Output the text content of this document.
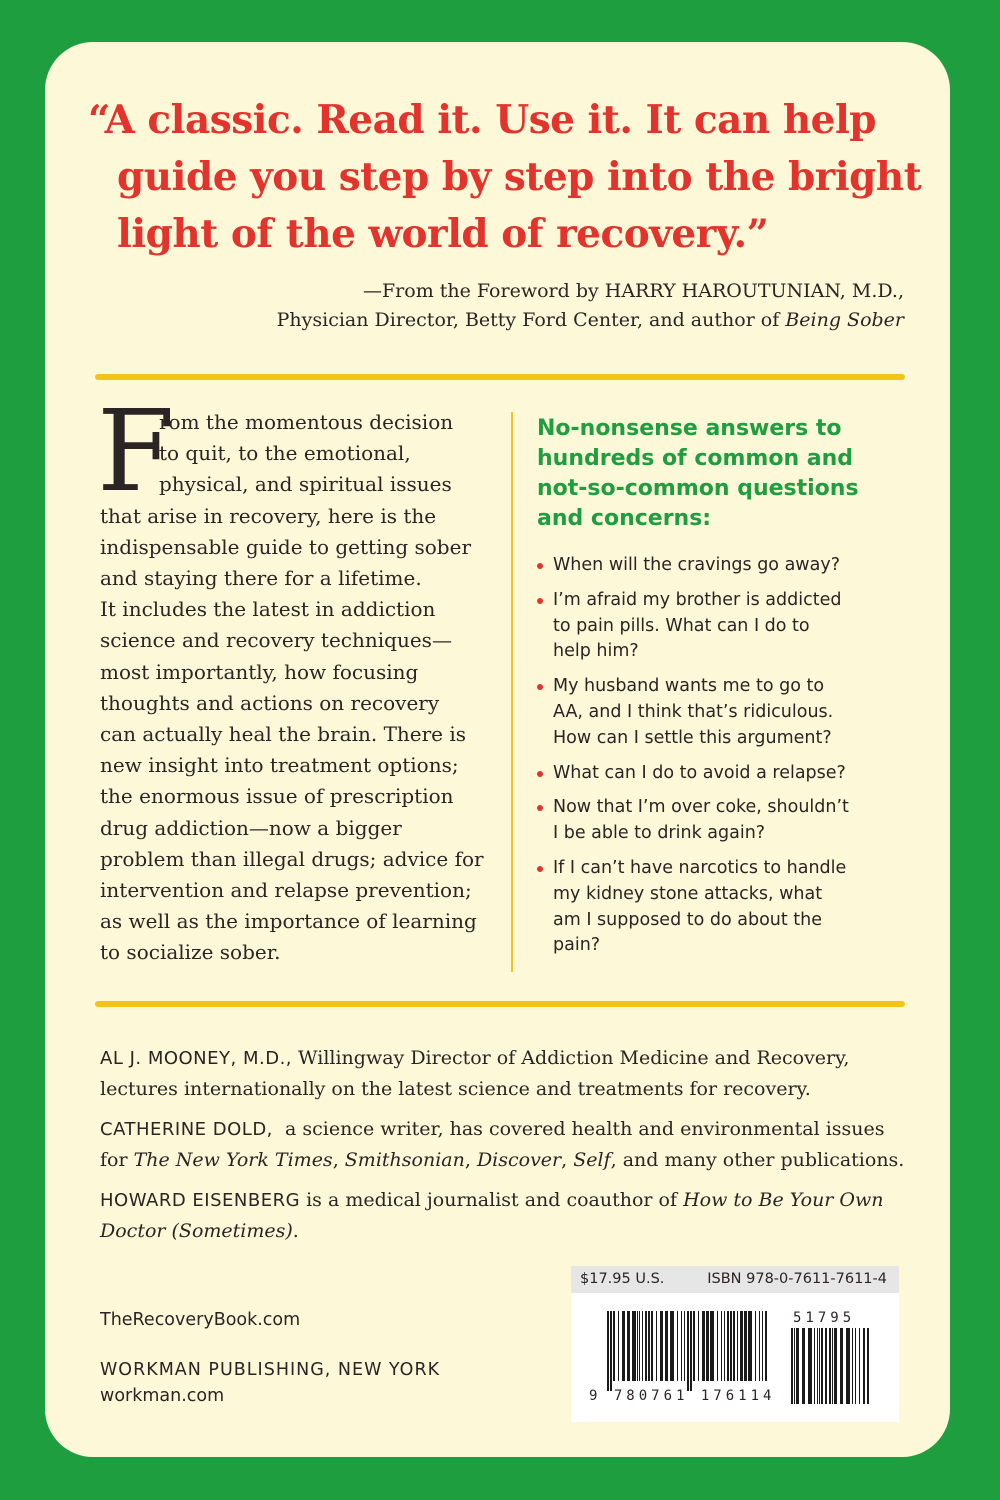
“A classic. Read it. Use it. It can help
guide you step by step into the bright
light of the world of recovery.”
—From the Foreword by HARRY HAROUTUNIAN, M.D.,
Physician Director, Betty Ford Center, and author of Being Sober
F
rom the momentous decision
to quit, to the emotional,
physical, and spiritual issues
that arise in recovery, here is the
indispensable guide to getting sober
and staying there for a lifetime.
It includes the latest in addiction
science and recovery techniques—
most importantly, how focusing
thoughts and actions on recovery
can actually heal the brain. There is
new insight into treatment options;
the enormous issue of prescription
drug addiction—now a bigger
problem than illegal drugs; advice for
intervention and relapse prevention;
as well as the importance of learning
to socialize sober.
No-nonsense answers to
hundreds of common and
not-so-common questions
and concerns:
When will the cravings go away?
I’m afraid my brother is addicted
to pain pills. What can I do to
help him?
My husband wants me to go to
AA, and I think that’s ridiculous.
How can I settle this argument?
What can I do to avoid a relapse?
Now that I’m over coke, shouldn’t
I be able to drink again?
If I can’t have narcotics to handle
my kidney stone attacks, what
am I supposed to do about the
pain?
AL J. MOONEY, M.D., Willingway Director of Addiction Medicine and Recovery,
lectures internationally on the latest science and treatments for recovery.
CATHERINE DOLD,  a science writer, has covered health and environmental issues
for The New York Times, Smithsonian, Discover, Self, and many other publications.
HOWARD EISENBERG is a medical journalist and coauthor of How to Be Your Own
Doctor (Sometimes).
TheRecoveryBook.com
WORKMAN PUBLISHING, NEW YORK
workman.com
$17.95 U.S.	ISBN 978-0-7611-7611-4
9 780761 176114
51795
